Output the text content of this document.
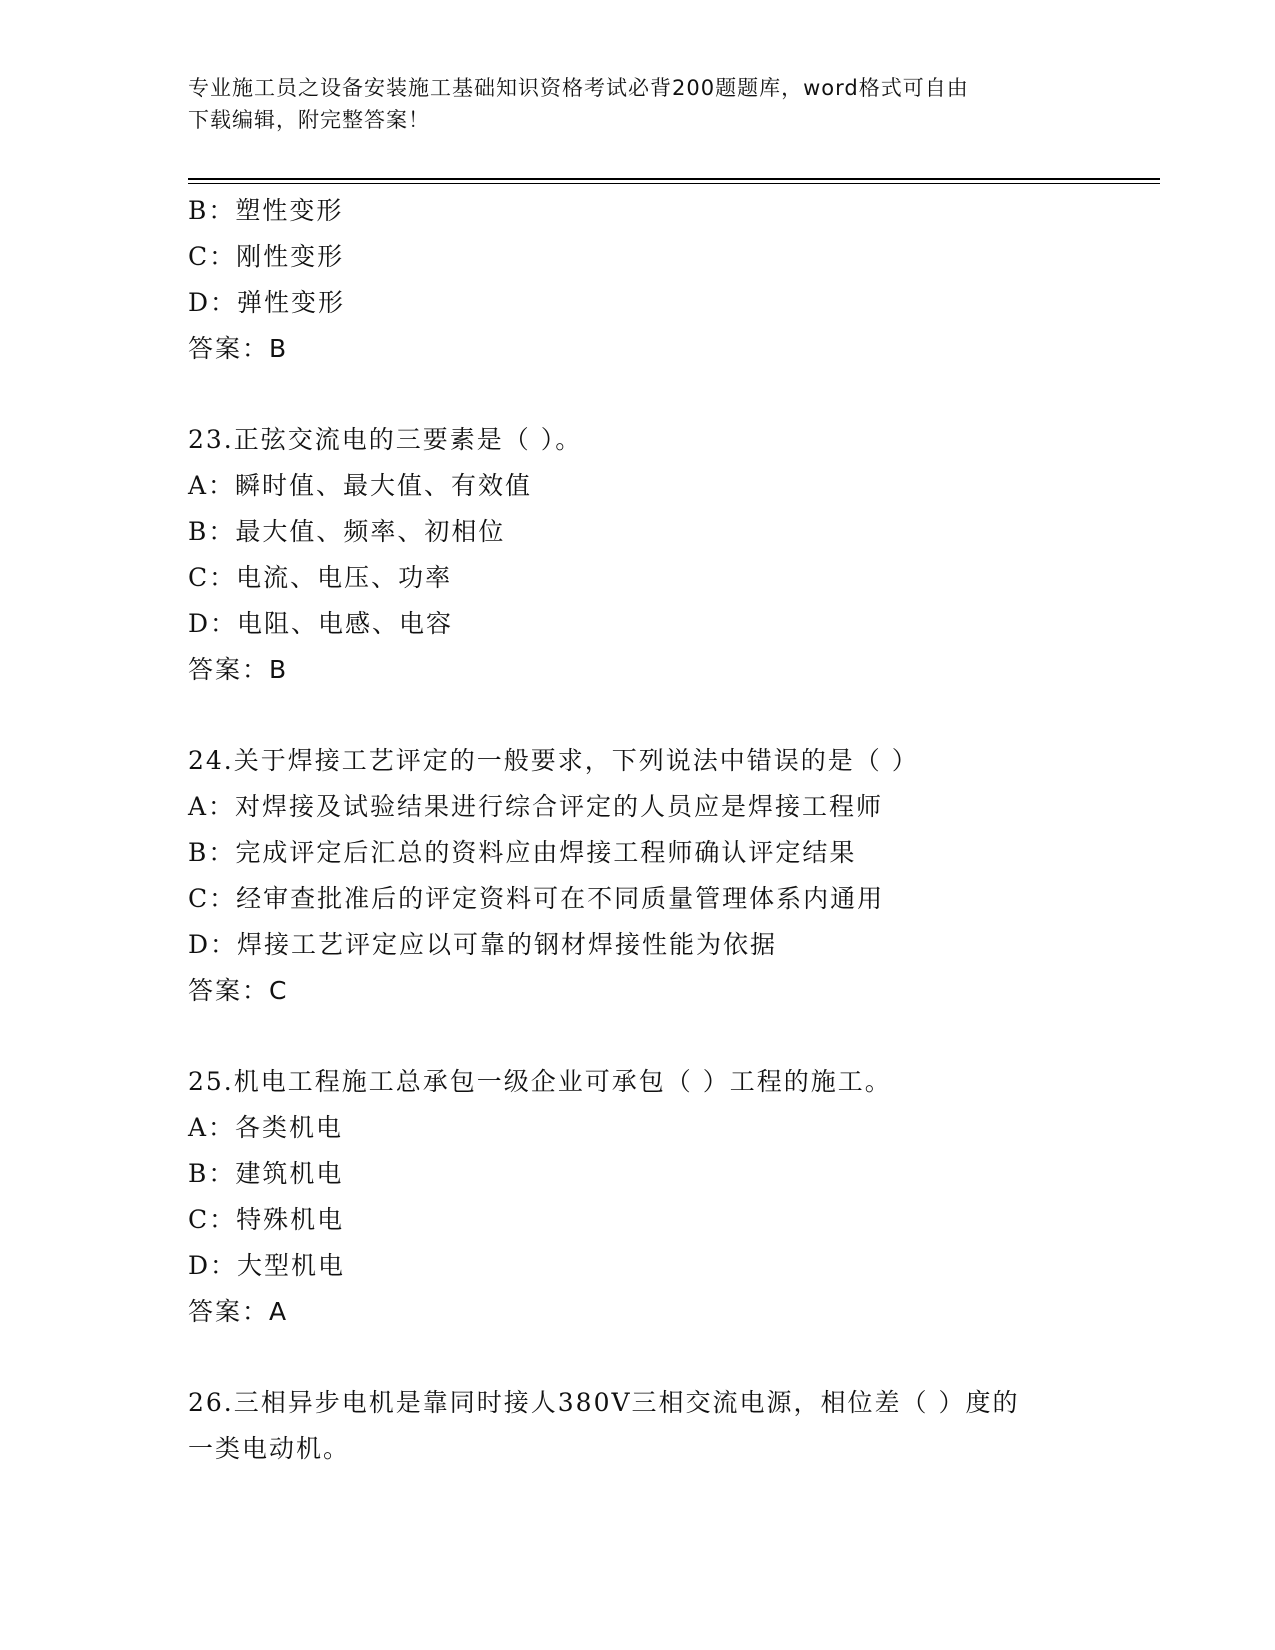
专业施工员之设备安装施工基础知识资格考试必背200题题库，word格式可自由
下载编辑，附完整答案！
B：塑性变形
C：刚性变形
D：弹性变形
答案：B
23.正弦交流电的三要素是（ ）。
A：瞬时值、最大值、有效值
B：最大值、频率、初相位
C：电流、电压、功率
D：电阻、电感、电容
答案：B
24.关于焊接工艺评定的一般要求，下列说法中错误的是（ ）
A：对焊接及试验结果进行综合评定的人员应是焊接工程师
B：完成评定后汇总的资料应由焊接工程师确认评定结果
C：经审查批准后的评定资料可在不同质量管理体系内通用
D：焊接工艺评定应以可靠的钢材焊接性能为依据
答案：C
25.机电工程施工总承包一级企业可承包（ ）工程的施工。
A：各类机电
B：建筑机电
C：特殊机电
D：大型机电
答案：A
26.三相异步电机是靠同时接人380V三相交流电源，相位差（ ）度的
一类电动机。
